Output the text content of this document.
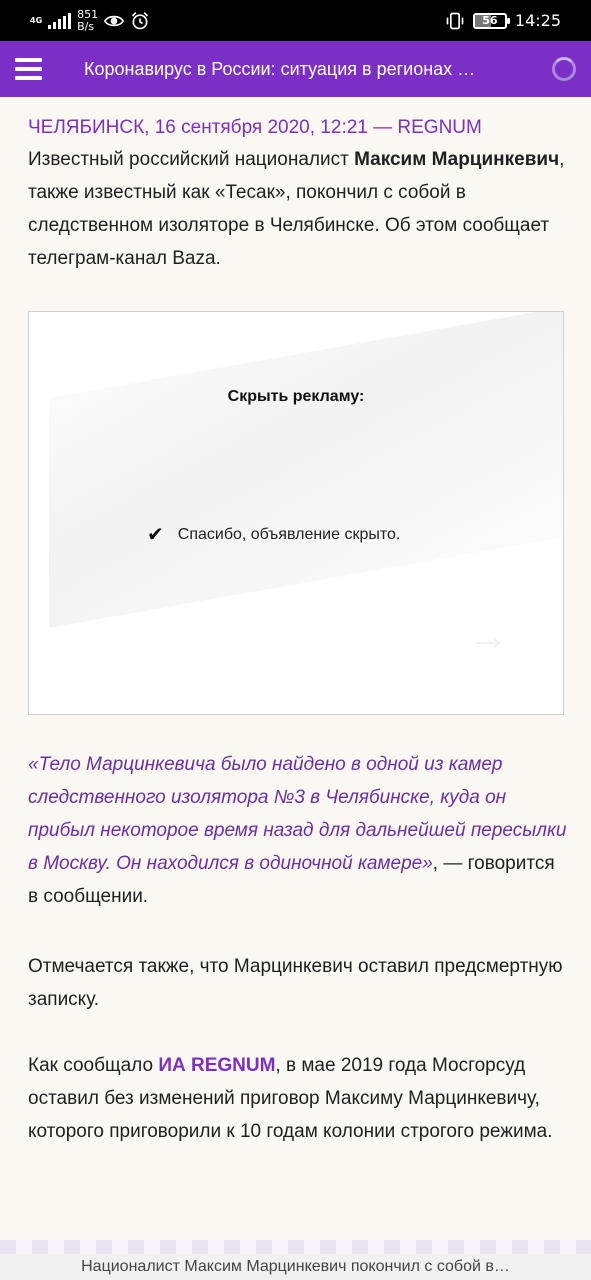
4G	851
B/s	56	14:25
Коронавирус в России: ситуация в регионах …
ЧЕЛЯБИНСК, 16 сентября 2020, 12:21 — REGNUM

Известный российский националист Максим Марцинкевич, также известный как «Тесак», покончил с собой в следственном изоляторе в Челябинске. Об этом сообщает телеграм-канал Baza.

Скрыть рекламу:
✔ Спасибо, объявление скрыто.
→

«Тело Марцинкевича было найдено в одной из камер следственного изолятора №3 в Челябинске, куда он прибыл некоторое время назад для дальнейшей пересылки в Москву. Он находился в одиночной камере», — говорится в сообщении.

Отмечается также, что Марцинкевич оставил предсмертную записку.

Как сообщало ИА REGNUM, в мае 2019 года Мосгорсуд оставил без изменений приговор Максиму Марцинкевичу, которого приговорили к 10 годам колонии строгого режима.

Националист Максим Марцинкевич покончил с собой в…
